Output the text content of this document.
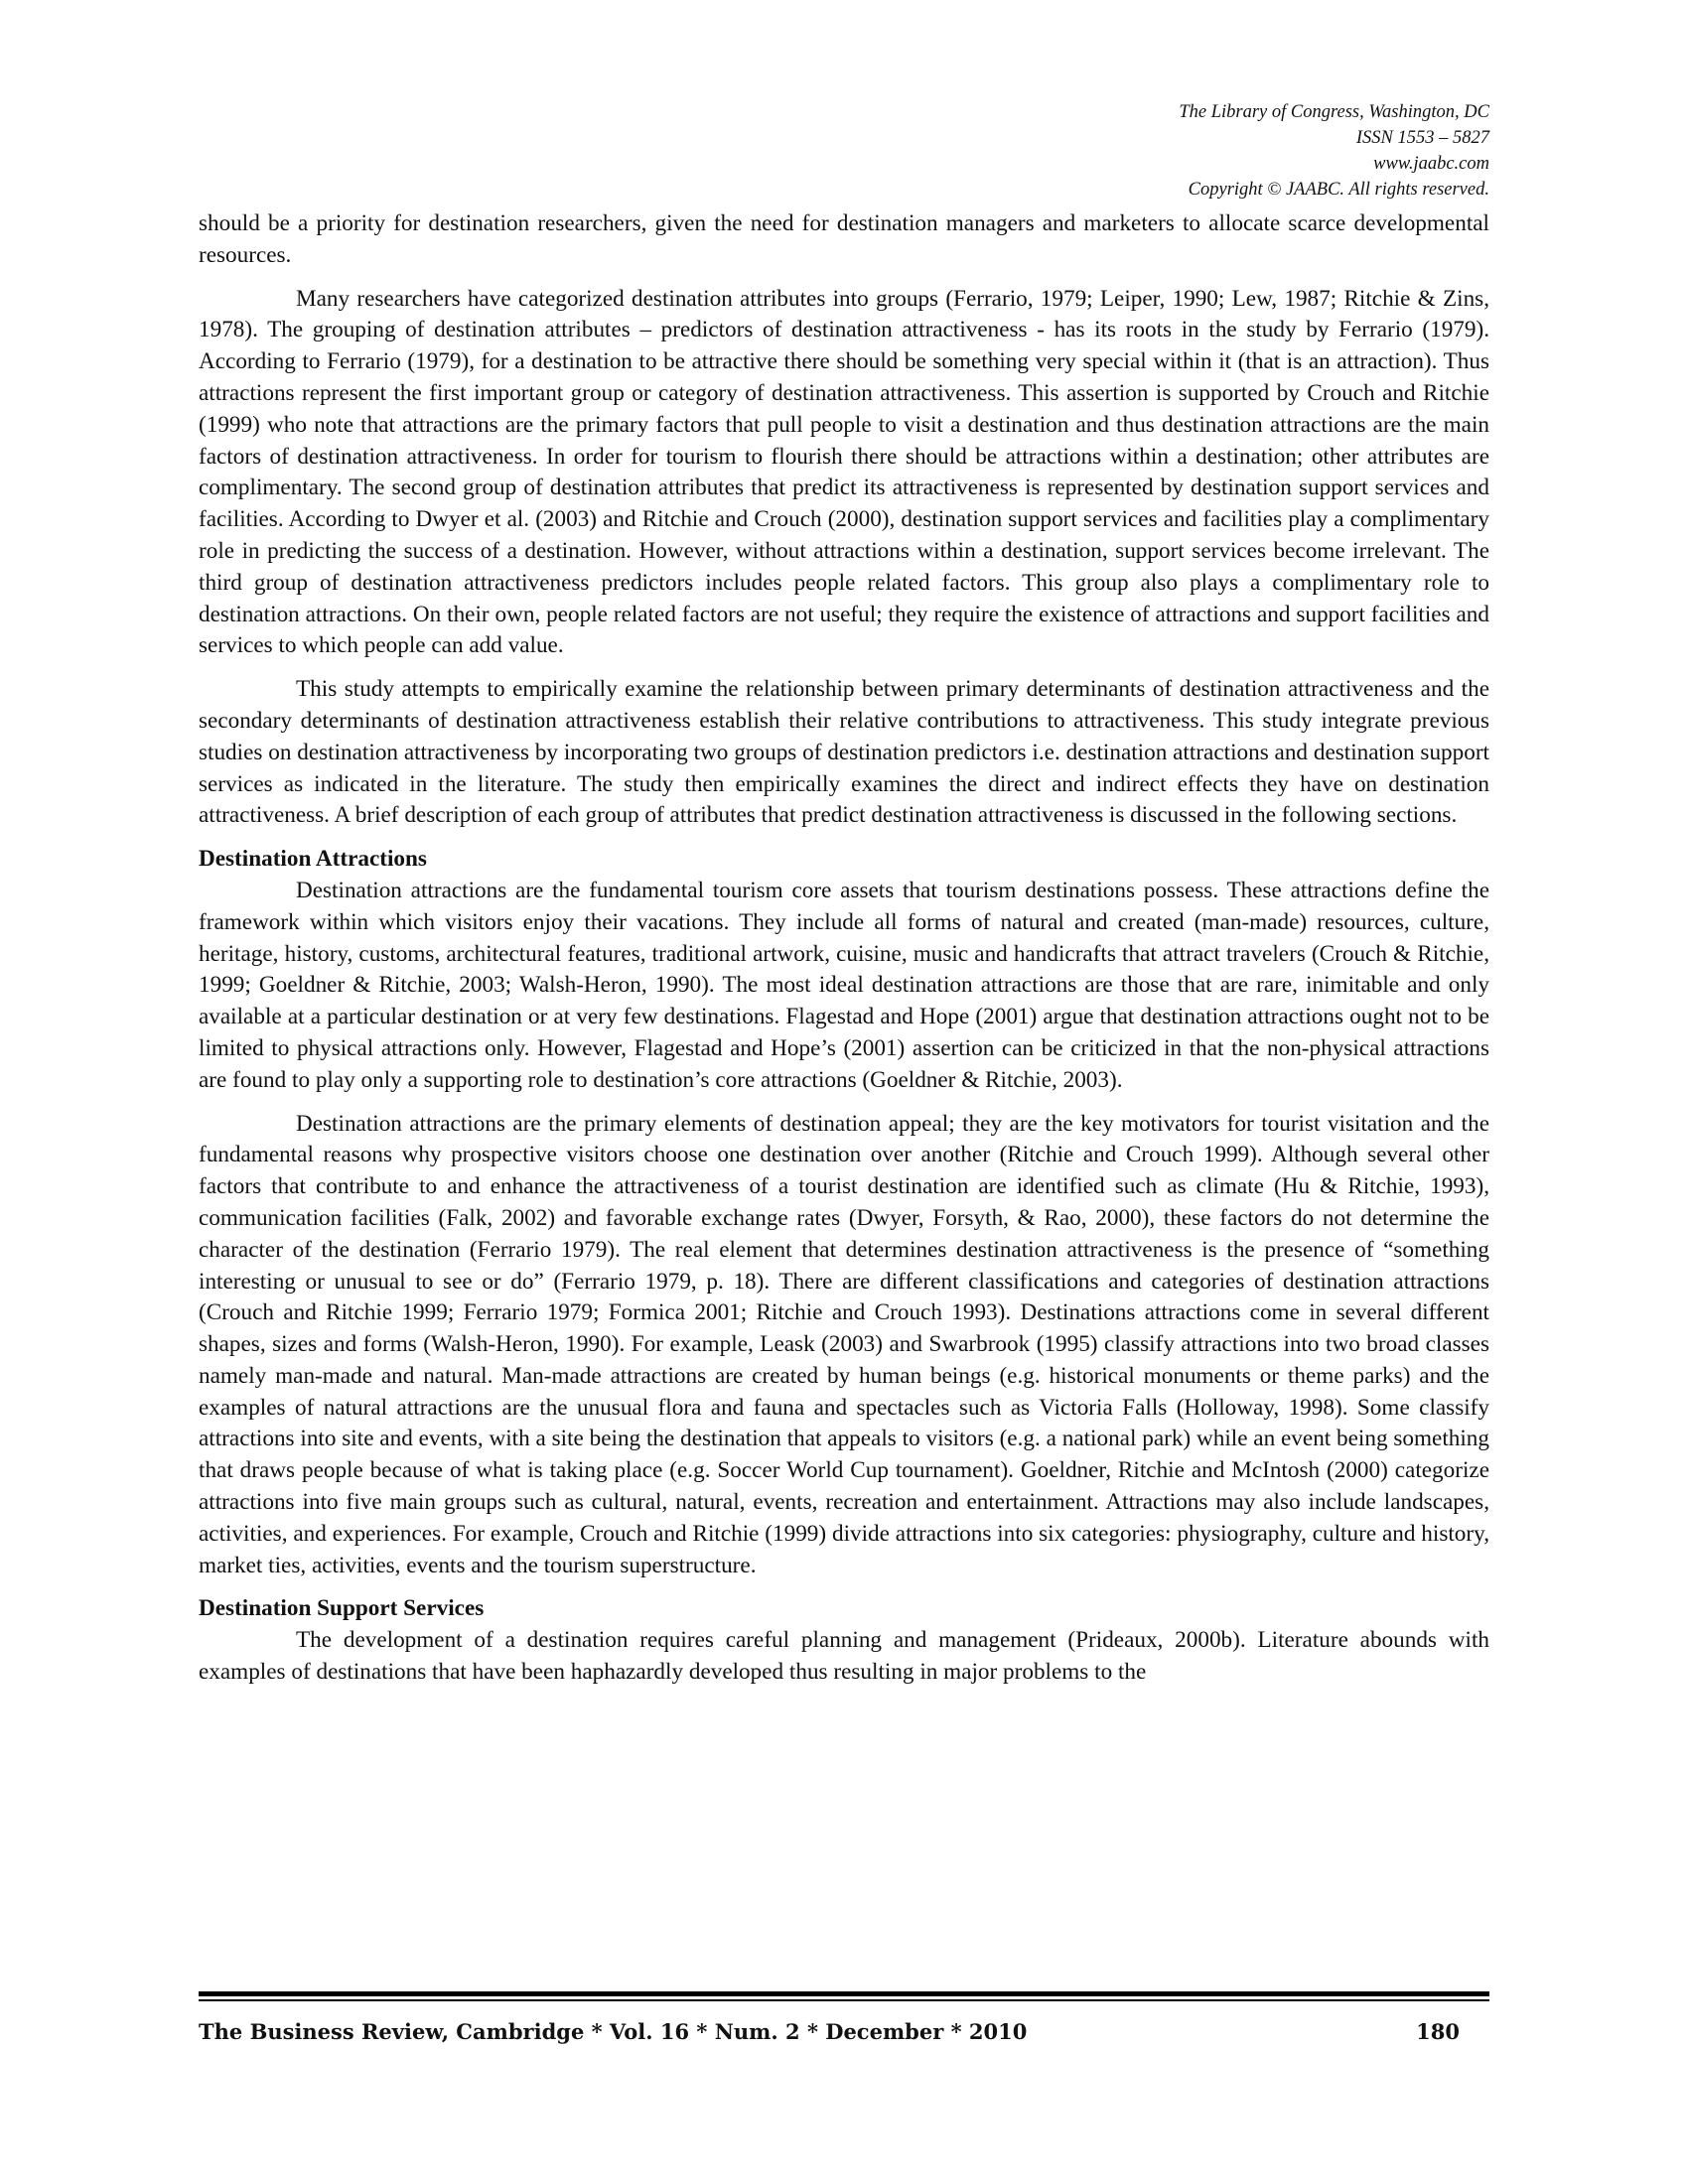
The Library of Congress, Washington, DC
ISSN 1553 – 5827
www.jaabc.com
Copyright © JAABC. All rights reserved.

should be a priority for destination researchers, given the need for destination managers and marketers to allocate scarce developmental resources.

Many researchers have categorized destination attributes into groups (Ferrario, 1979; Leiper, 1990; Lew, 1987; Ritchie & Zins, 1978). The grouping of destination attributes – predictors of destination attractiveness - has its roots in the study by Ferrario (1979). According to Ferrario (1979), for a destination to be attractive there should be something very special within it (that is an attraction). Thus attractions represent the first important group or category of destination attractiveness. This assertion is supported by Crouch and Ritchie (1999) who note that attractions are the primary factors that pull people to visit a destination and thus destination attractions are the main factors of destination attractiveness. In order for tourism to flourish there should be attractions within a destination; other attributes are complimentary. The second group of destination attributes that predict its attractiveness is represented by destination support services and facilities. According to Dwyer et al. (2003) and Ritchie and Crouch (2000), destination support services and facilities play a complimentary role in predicting the success of a destination. However, without attractions within a destination, support services become irrelevant. The third group of destination attractiveness predictors includes people related factors. This group also plays a complimentary role to destination attractions. On their own, people related factors are not useful; they require the existence of attractions and support facilities and services to which people can add value.

This study attempts to empirically examine the relationship between primary determinants of destination attractiveness and the secondary determinants of destination attractiveness establish their relative contributions to attractiveness. This study integrate previous studies on destination attractiveness by incorporating two groups of destination predictors i.e. destination attractions and destination support services as indicated in the literature. The study then empirically examines the direct and indirect effects they have on destination attractiveness. A brief description of each group of attributes that predict destination attractiveness is discussed in the following sections.

Destination Attractions

Destination attractions are the fundamental tourism core assets that tourism destinations possess. These attractions define the framework within which visitors enjoy their vacations. They include all forms of natural and created (man-made) resources, culture, heritage, history, customs, architectural features, traditional artwork, cuisine, music and handicrafts that attract travelers (Crouch & Ritchie, 1999; Goeldner & Ritchie, 2003; Walsh-Heron, 1990). The most ideal destination attractions are those that are rare, inimitable and only available at a particular destination or at very few destinations. Flagestad and Hope (2001) argue that destination attractions ought not to be limited to physical attractions only. However, Flagestad and Hope’s (2001) assertion can be criticized in that the non-physical attractions are found to play only a supporting role to destination’s core attractions (Goeldner & Ritchie, 2003).

Destination attractions are the primary elements of destination appeal; they are the key motivators for tourist visitation and the fundamental reasons why prospective visitors choose one destination over another (Ritchie and Crouch 1999). Although several other factors that contribute to and enhance the attractiveness of a tourist destination are identified such as climate (Hu & Ritchie, 1993), communication facilities (Falk, 2002) and favorable exchange rates (Dwyer, Forsyth, & Rao, 2000), these factors do not determine the character of the destination (Ferrario 1979). The real element that determines destination attractiveness is the presence of “something interesting or unusual to see or do” (Ferrario 1979, p. 18). There are different classifications and categories of destination attractions (Crouch and Ritchie 1999; Ferrario 1979; Formica 2001; Ritchie and Crouch 1993). Destinations attractions come in several different shapes, sizes and forms (Walsh-Heron, 1990). For example, Leask (2003) and Swarbrook (1995) classify attractions into two broad classes namely man-made and natural. Man-made attractions are created by human beings (e.g. historical monuments or theme parks) and the examples of natural attractions are the unusual flora and fauna and spectacles such as Victoria Falls (Holloway, 1998). Some classify attractions into site and events, with a site being the destination that appeals to visitors (e.g. a national park) while an event being something that draws people because of what is taking place (e.g. Soccer World Cup tournament). Goeldner, Ritchie and McIntosh (2000) categorize attractions into five main groups such as cultural, natural, events, recreation and entertainment. Attractions may also include landscapes, activities, and experiences. For example, Crouch and Ritchie (1999) divide attractions into six categories: physiography, culture and history, market ties, activities, events and the tourism superstructure.

Destination Support Services

The development of a destination requires careful planning and management (Prideaux, 2000b). Literature abounds with examples of destinations that have been haphazardly developed thus resulting in major problems to the

The Business Review, Cambridge * Vol. 16 * Num. 2 * December * 2010	180
